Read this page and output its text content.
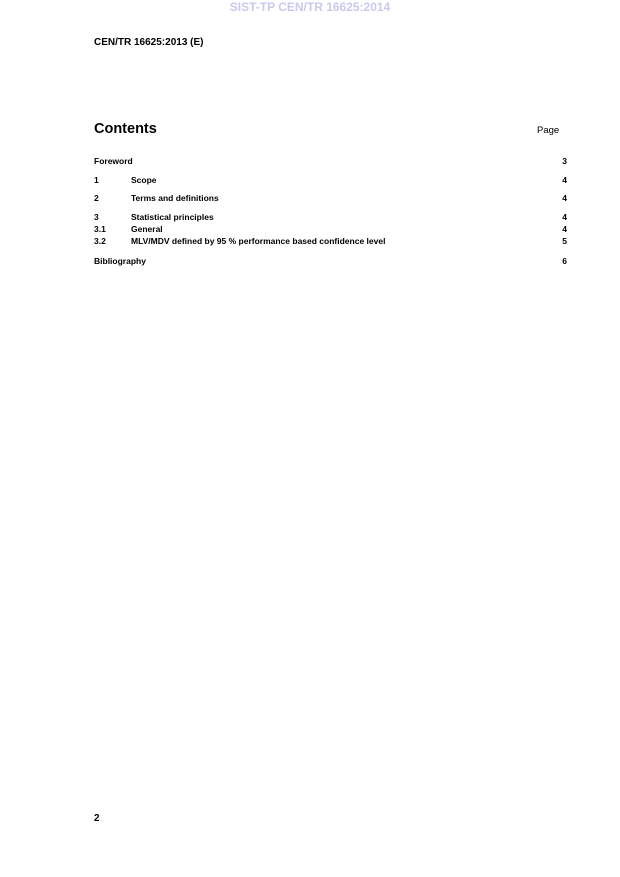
SIST-TP CEN/TR 16625:2014
CEN/TR 16625:2013 (E)
Contents	Page
Foreword	3
1	Scope	4
2	Terms and definitions	4
3	Statistical principles	4
3.1	General	4
3.2	MLV/MDV defined by 95 % performance based confidence level	5
Bibliography	6
2
